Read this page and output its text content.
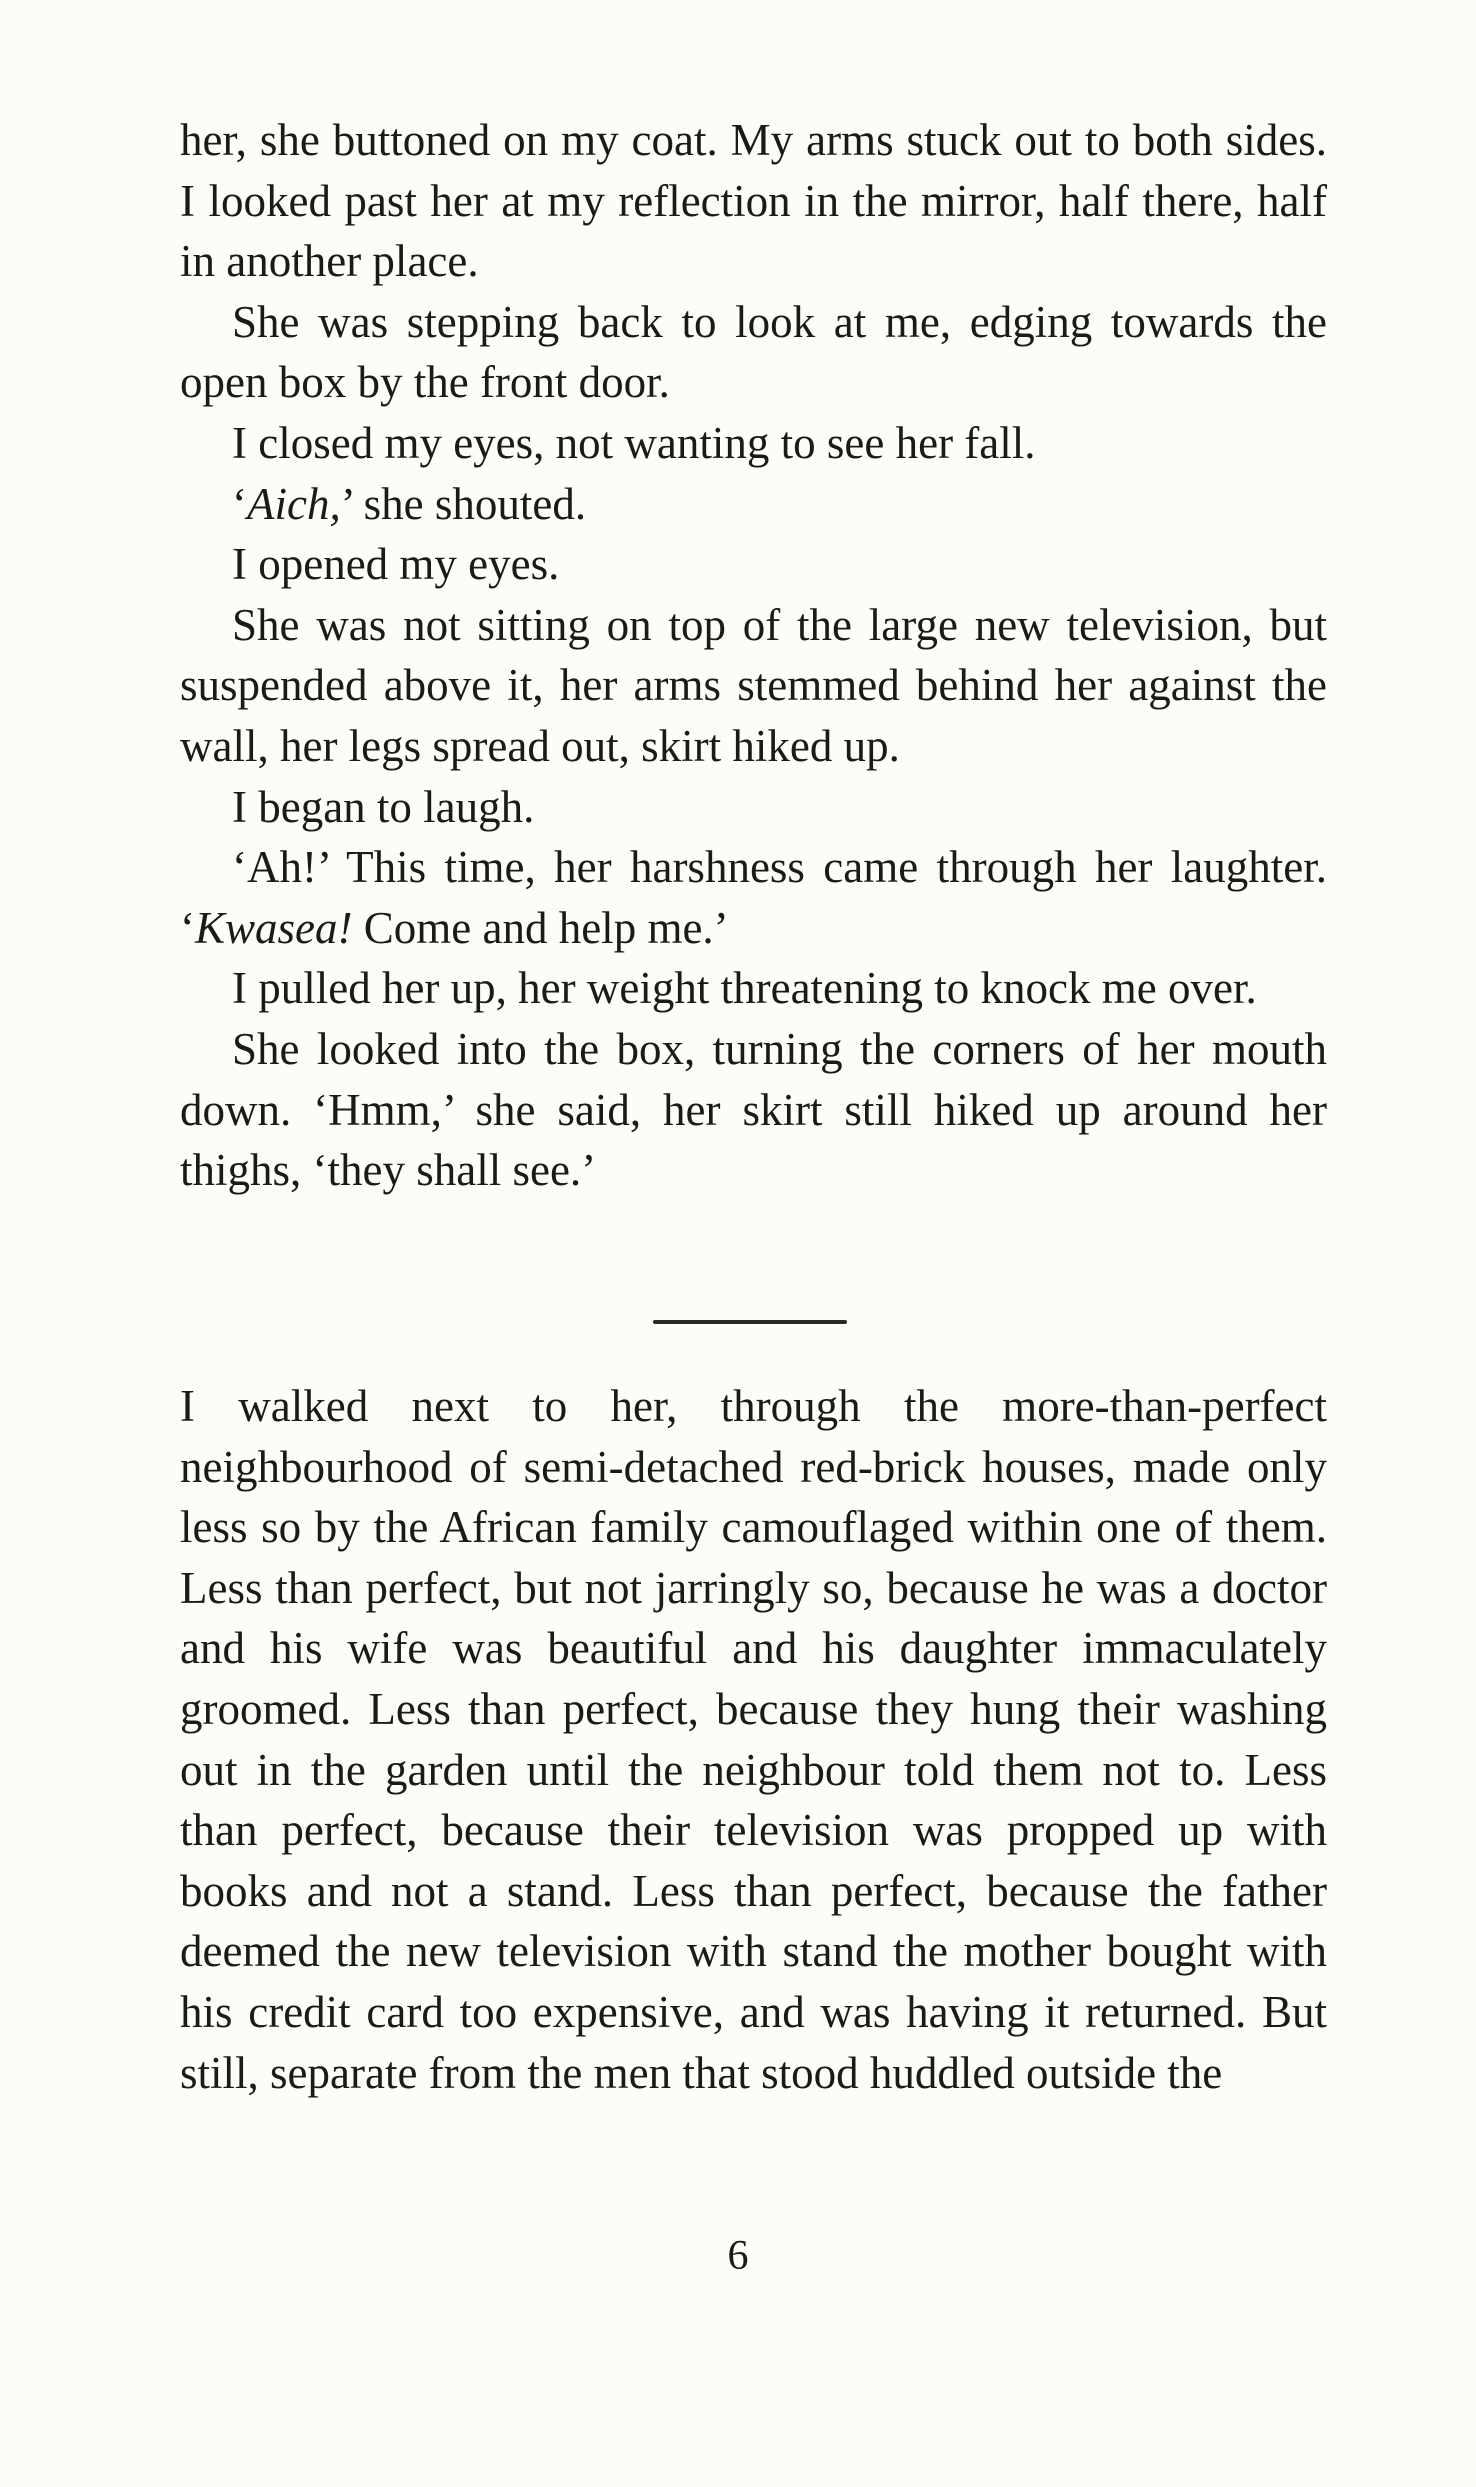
her, she buttoned on my coat. My arms stuck out to both sides. I looked past her at my reflection in the mirror, half there, half in another place.

She was stepping back to look at me, edging towards the open box by the front door.

I closed my eyes, not wanting to see her fall.

‘Aich,’ she shouted.

I opened my eyes.

She was not sitting on top of the large new television, but suspended above it, her arms stemmed behind her against the wall, her legs spread out, skirt hiked up.

I began to laugh.

‘Ah!’ This time, her harshness came through her laughter. ‘Kwasea! Come and help me.’

I pulled her up, her weight threatening to knock me over.

She looked into the box, turning the corners of her mouth down. ‘Hmm,’ she said, her skirt still hiked up around her thighs, ‘they shall see.’

I walked next to her, through the more-than-perfect neighbourhood of semi-detached red-brick houses, made only less so by the African family camouflaged within one of them. Less than perfect, but not jarringly so, because he was a doctor and his wife was beautiful and his daughter immaculately groomed. Less than perfect, because they hung their washing out in the garden until the neighbour told them not to. Less than perfect, because their television was propped up with books and not a stand. Less than perfect, because the father deemed the new television with stand the mother bought with his credit card too expensive, and was having it returned. But still, separate from the men that stood huddled outside the

6
